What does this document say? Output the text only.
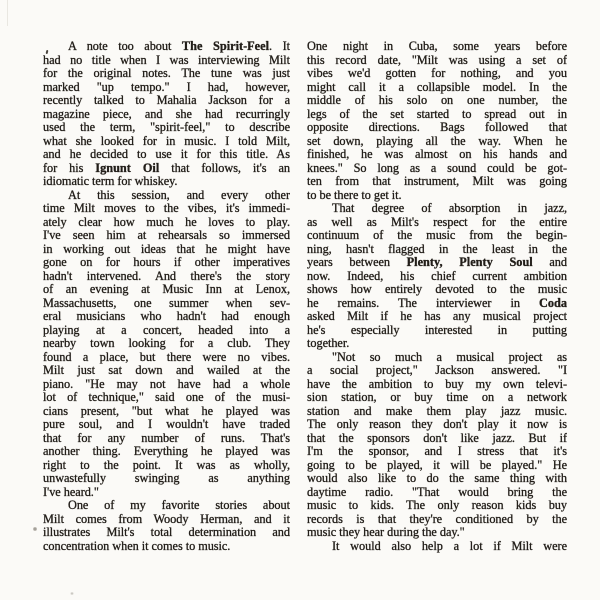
A note too about The Spirit-Feel. It
had no title when I was interviewing Milt
for the original notes. The tune was just
marked "up tempo." I had, however,
recently talked to Mahalia Jackson for a
magazine piece, and she had recurringly
used the term, "spirit-feel," to describe
what she looked for in music. I told Milt,
and he decided to use it for this title. As
for his Ignunt Oil that follows, it's an
idiomatic term for whiskey.
At this session, and every other
time Milt moves to the vibes, it's immedi-
ately clear how much he loves to play.
I've seen him at rehearsals so immersed
in working out ideas that he might have
gone on for hours if other imperatives
hadn't intervened. And there's the story
of an evening at Music Inn at Lenox,
Massachusetts, one summer when sev-
eral musicians who hadn't had enough
playing at a concert, headed into a
nearby town looking for a club. They
found a place, but there were no vibes.
Milt just sat down and wailed at the
piano. "He may not have had a whole
lot of technique," said one of the musi-
cians present, "but what he played was
pure soul, and I wouldn't have traded
that for any number of runs. That's
another thing. Everything he played was
right to the point. It was as wholly,
unwastefully swinging as anything
I've heard."
One of my favorite stories about
Milt comes from Woody Herman, and it
illustrates Milt's total determination and
concentration when it comes to music.
One night in Cuba, some years before
this record date, "Milt was using a set of
vibes we'd gotten for nothing, and you
might call it a collapsible model. In the
middle of his solo on one number, the
legs of the set started to spread out in
opposite directions. Bags followed that
set down, playing all the way. When he
finished, he was almost on his hands and
knees." So long as a sound could be got-
ten from that instrument, Milt was going
to be there to get it.
That degree of absorption in jazz,
as well as Milt's respect for the entire
continuum of the music from the begin-
ning, hasn't flagged in the least in the
years between Plenty, Plenty Soul and
now. Indeed, his chief current ambition
shows how entirely devoted to the music
he remains. The interviewer in Coda
asked Milt if he has any musical project
he's especially interested in putting
together.
"Not so much a musical project as
a social project," Jackson answered. "I
have the ambition to buy my own televi-
sion station, or buy time on a network
station and make them play jazz music.
The only reason they don't play it now is
that the sponsors don't like jazz. But if
I'm the sponsor, and I stress that it's
going to be played, it will be played." He
would also like to do the same thing with
daytime radio. "That would bring the
music to kids. The only reason kids buy
records is that they're conditioned by the
music they hear during the day."
It would also help a lot if Milt were
